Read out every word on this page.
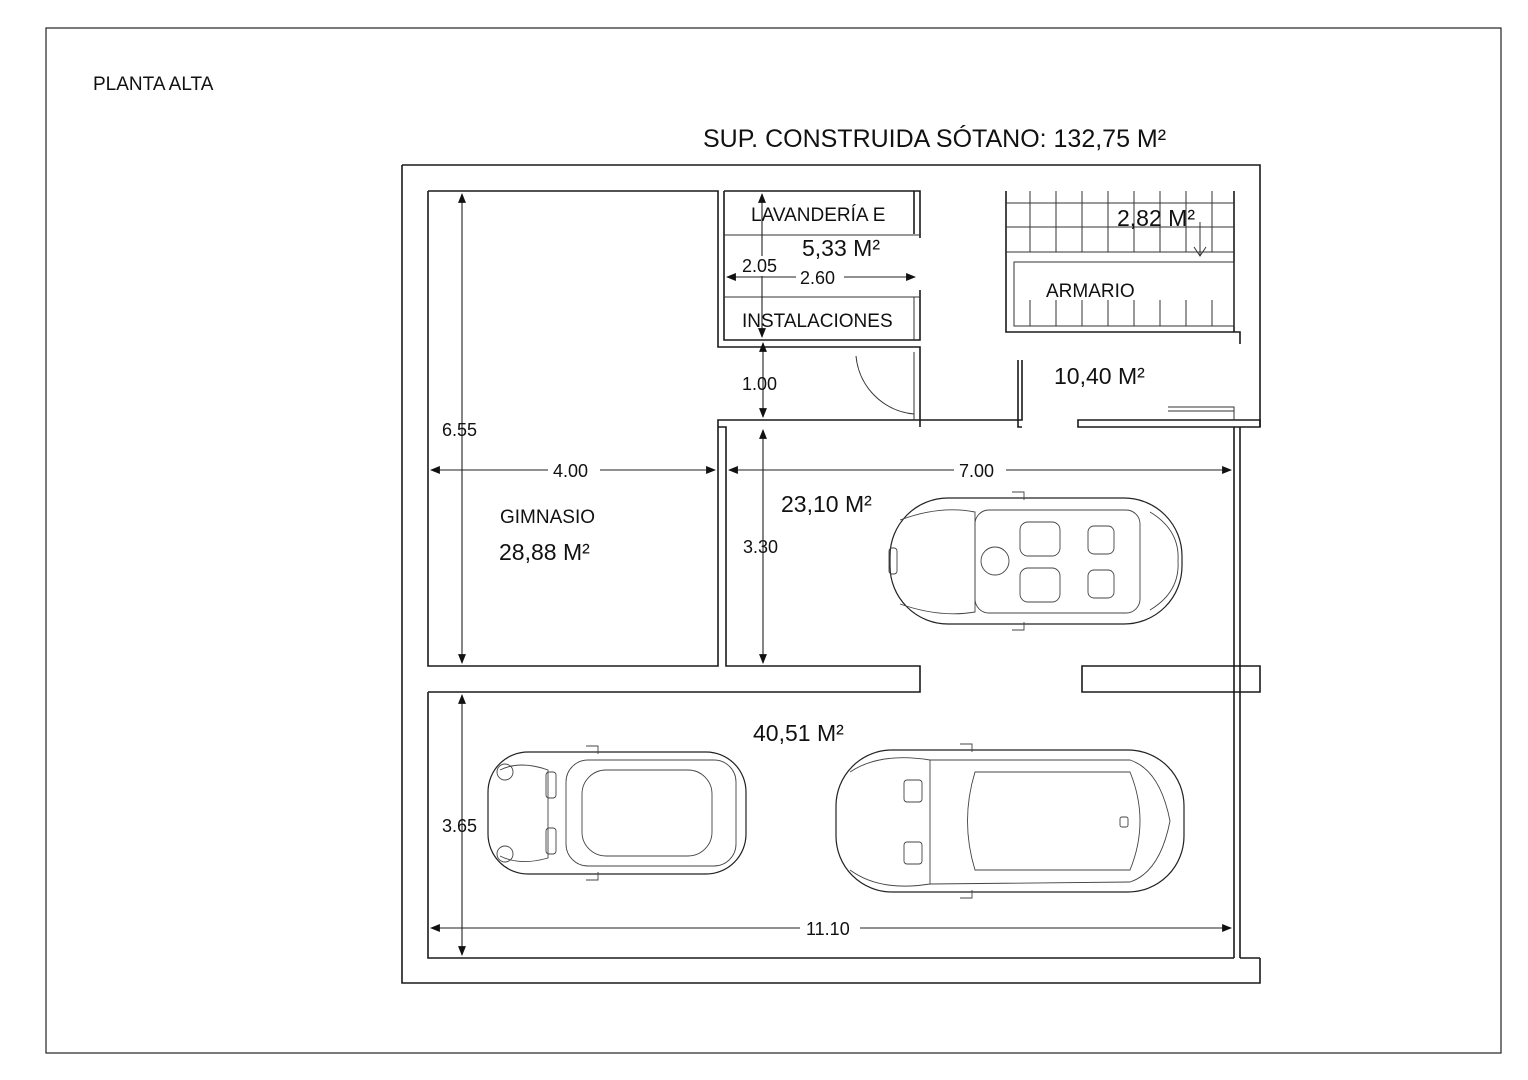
PLANTA ALTA
SUP. CONSTRUIDA SÓTANO: 132,75 M²
6.55
4.00	7.00
3.30
2.05
2.60
1.00
3.65
11.10
LAVANDERÍA E
5,33 M²
INSTALACIONES
2,82 M²
ARMARIO
10,40 M²
GIMNASIO
28,88 M²
23,10 M²
40,51 M²
